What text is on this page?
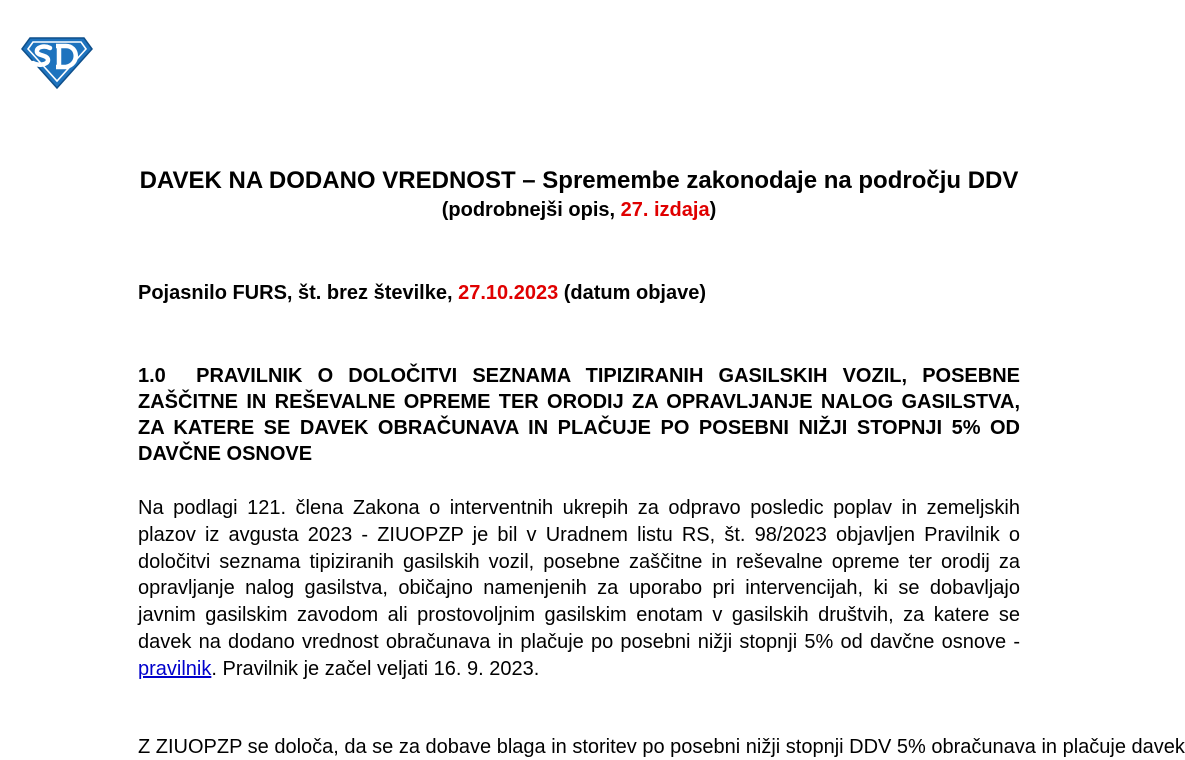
DAVEK NA DODANO VREDNOST – Spremembe zakonodaje na področju DDV
(podrobnejši opis, 27. izdaja)
Pojasnilo FURS, št. brez številke, 27.10.2023 (datum objave)
1.0 PRAVILNIK O DOLOČITVI SEZNAMA TIPIZIRANIH GASILSKIH VOZIL, POSEBNE ZAŠČITNE IN REŠEVALNE OPREME TER ORODIJ ZA OPRAVLJANJE NALOG GASILSTVA, ZA KATERE SE DAVEK OBRAČUNAVA IN PLAČUJE PO POSEBNI NIŽJI STOPNJI 5% OD DAVČNE OSNOVE
Na podlagi 121. člena Zakona o interventnih ukrepih za odpravo posledic poplav in zemeljskih plazov iz avgusta 2023 - ZIUOPZP je bil v Uradnem listu RS, št. 98/2023 objavljen Pravilnik o določitvi seznama tipiziranih gasilskih vozil, posebne zaščitne in reševalne opreme ter orodij za opravljanje nalog gasilstva, običajno namenjenih za uporabo pri intervencijah, ki se dobavljajo javnim gasilskim zavodom ali prostovoljnim gasilskim enotam v gasilskih društvih, za katere se davek na dodano vrednost obračunava in plačuje po posebni nižji stopnji 5% od davčne osnove - pravilnik. Pravilnik je začel veljati 16. 9. 2023.
Z ZIUOPZP se določa, da se za dobave blaga in storitev po posebni nižji stopnji DDV 5% obračunava in plačuje davek
